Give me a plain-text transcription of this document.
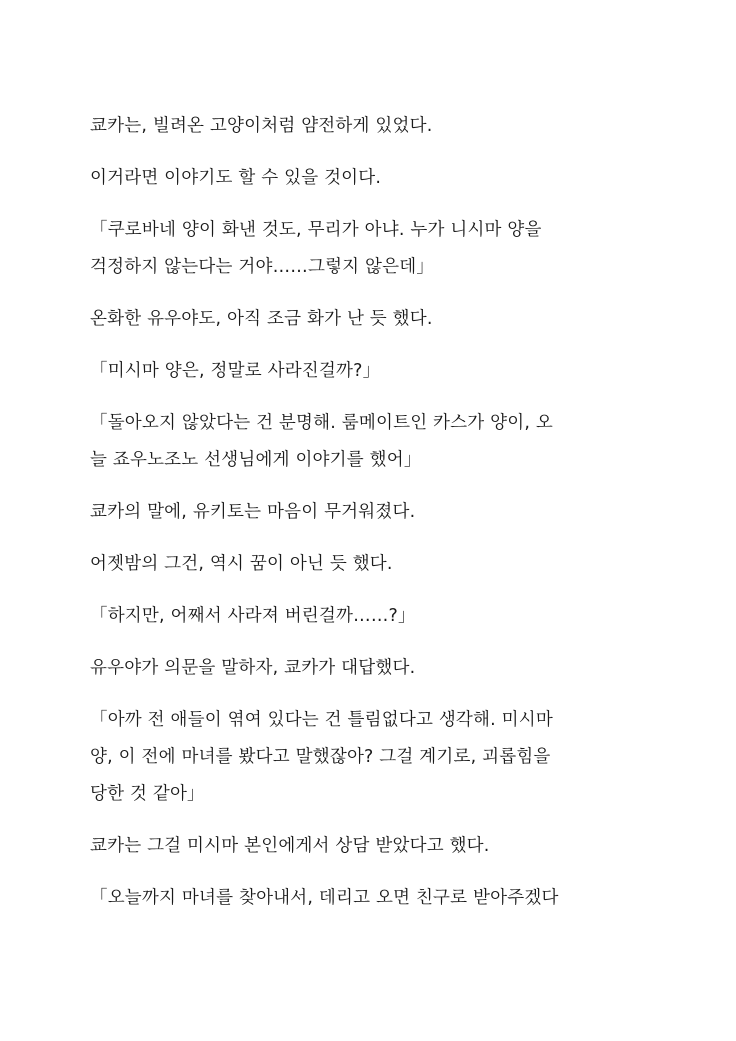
쿄카는, 빌려온 고양이처럼 얌전하게 있었다.

이거라면 이야기도 할 수 있을 것이다.

「쿠로바네 양이 화낸 것도, 무리가 아냐. 누가 니시마 양을
걱정하지 않는다는 거야……그렇지 않은데」

온화한 유우야도, 아직 조금 화가 난 듯 했다.

「미시마 양은, 정말로 사라진걸까?」

「돌아오지 않았다는 건 분명해. 룸메이트인 카스가 양이, 오
늘 죠우노조노 선생님에게 이야기를 했어」

쿄카의 말에, 유키토는 마음이 무거워졌다.

어젯밤의 그건, 역시 꿈이 아닌 듯 했다.

「하지만, 어째서 사라져 버린걸까……?」

유우야가 의문을 말하자, 쿄카가 대답했다.

「아까 전 애들이 엮여 있다는 건 틀림없다고 생각해. 미시마
양, 이 전에 마녀를 봤다고 말했잖아? 그걸 계기로, 괴롭힘을
당한 것 같아」

쿄카는 그걸 미시마 본인에게서 상담 받았다고 했다.

「오늘까지 마녀를 찾아내서, 데리고 오면 친구로 받아주겠다
